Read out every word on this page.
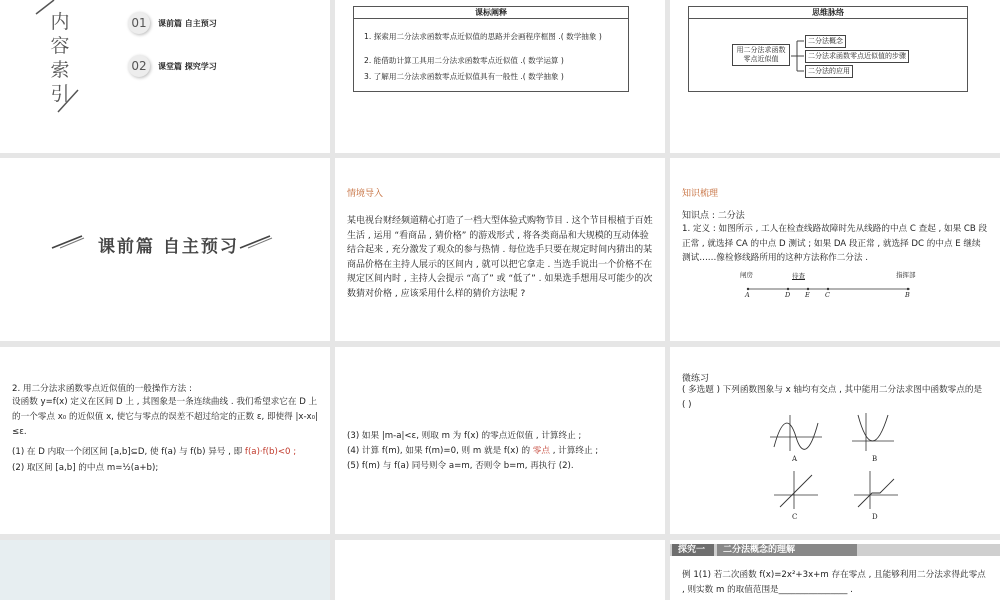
内
容
索
引
01	课前篇 自主预习
02	课堂篇 探究学习
课标阐释
1. 探索用二分法求函数零点近似值的思路并会画程序框图 .( 数学抽象 )
2. 能借助计算工具用二分法求函数零点近似值 .( 数学运算 )
3. 了解用二分法求函数零点近似值具有一般性 .( 数学抽象 )
思维脉络
用二分法求函数零点近似值
二分法概念
二分法求函数零点近似值的步骤
二分法的应用
课前篇 自主预习
情境导入
某电视台财经频道精心打造了一档大型体验式购物节目 . 这个节目根植于百姓生活 , 运用 “看商品 , 猜价格” 的游戏形式 , 将各类商品和大规模的互动体验结合起来 , 充分激发了观众的参与热情 . 每位选手只要在规定时间内猜出的某商品价格在主持人展示的区间内 , 就可以把它拿走 . 当选手说出一个价格不在规定区间内时 , 主持人会提示 “高了” 或 “低了” . 如果选手想用尽可能少的次数猜对价格 , 应该采用什么样的猜价方法呢 ?
知识梳理
知识点 : 二分法
1. 定义 : 如图所示 , 工人在检查线路故障时先从线路的中点 C 查起 , 如果 CB 段正常 , 就选择 CA 的中点 D 测试 ; 如果 DA 段正常 , 就选择 DC 的中点 E 继续测试……像检修线路所用的这种方法称作二分法 .
闸房	待查	指挥部
A	D E C	B
2. 用二分法求函数零点近似值的一般操作方法 :
设函数 y=f(x) 定义在区间 D 上 , 其图象是一条连续曲线 . 我们希望求它在 D 上的一个零点 x₀ 的近似值 x, 使它与零点的误差不超过给定的正数 ε, 即使得 |x-x₀|≤ε.
(1) 在 D 内取一个闭区间 [a,b]⊆D, 使 f(a) 与 f(b) 异号 , 即 f(a)·f(b)<0 ;
(2) 取区间 [a,b] 的中点 m=½(a+b);
(3) 如果 |m-a|<ε, 则取 m 为 f(x) 的零点近似值 , 计算终止 ;
(4) 计算 f(m), 如果 f(m)=0, 则 m 就是 f(x) 的 零点 , 计算终止 ;
(5) f(m) 与 f(a) 同号则令 a=m, 否则令 b=m, 再执行 (2).
微练习
( 多选题 ) 下列函数图象与 x 轴均有交点 , 其中能用二分法求图中函数零点的是 ( )
A	B
C	D
探究一	二分法概念的理解
例 1(1) 若二次函数 f(x)=2x²+3x+m 存在零点 , 且能够利用二分法求得此零点 , 则实数 m 的取值范围是________________ .
